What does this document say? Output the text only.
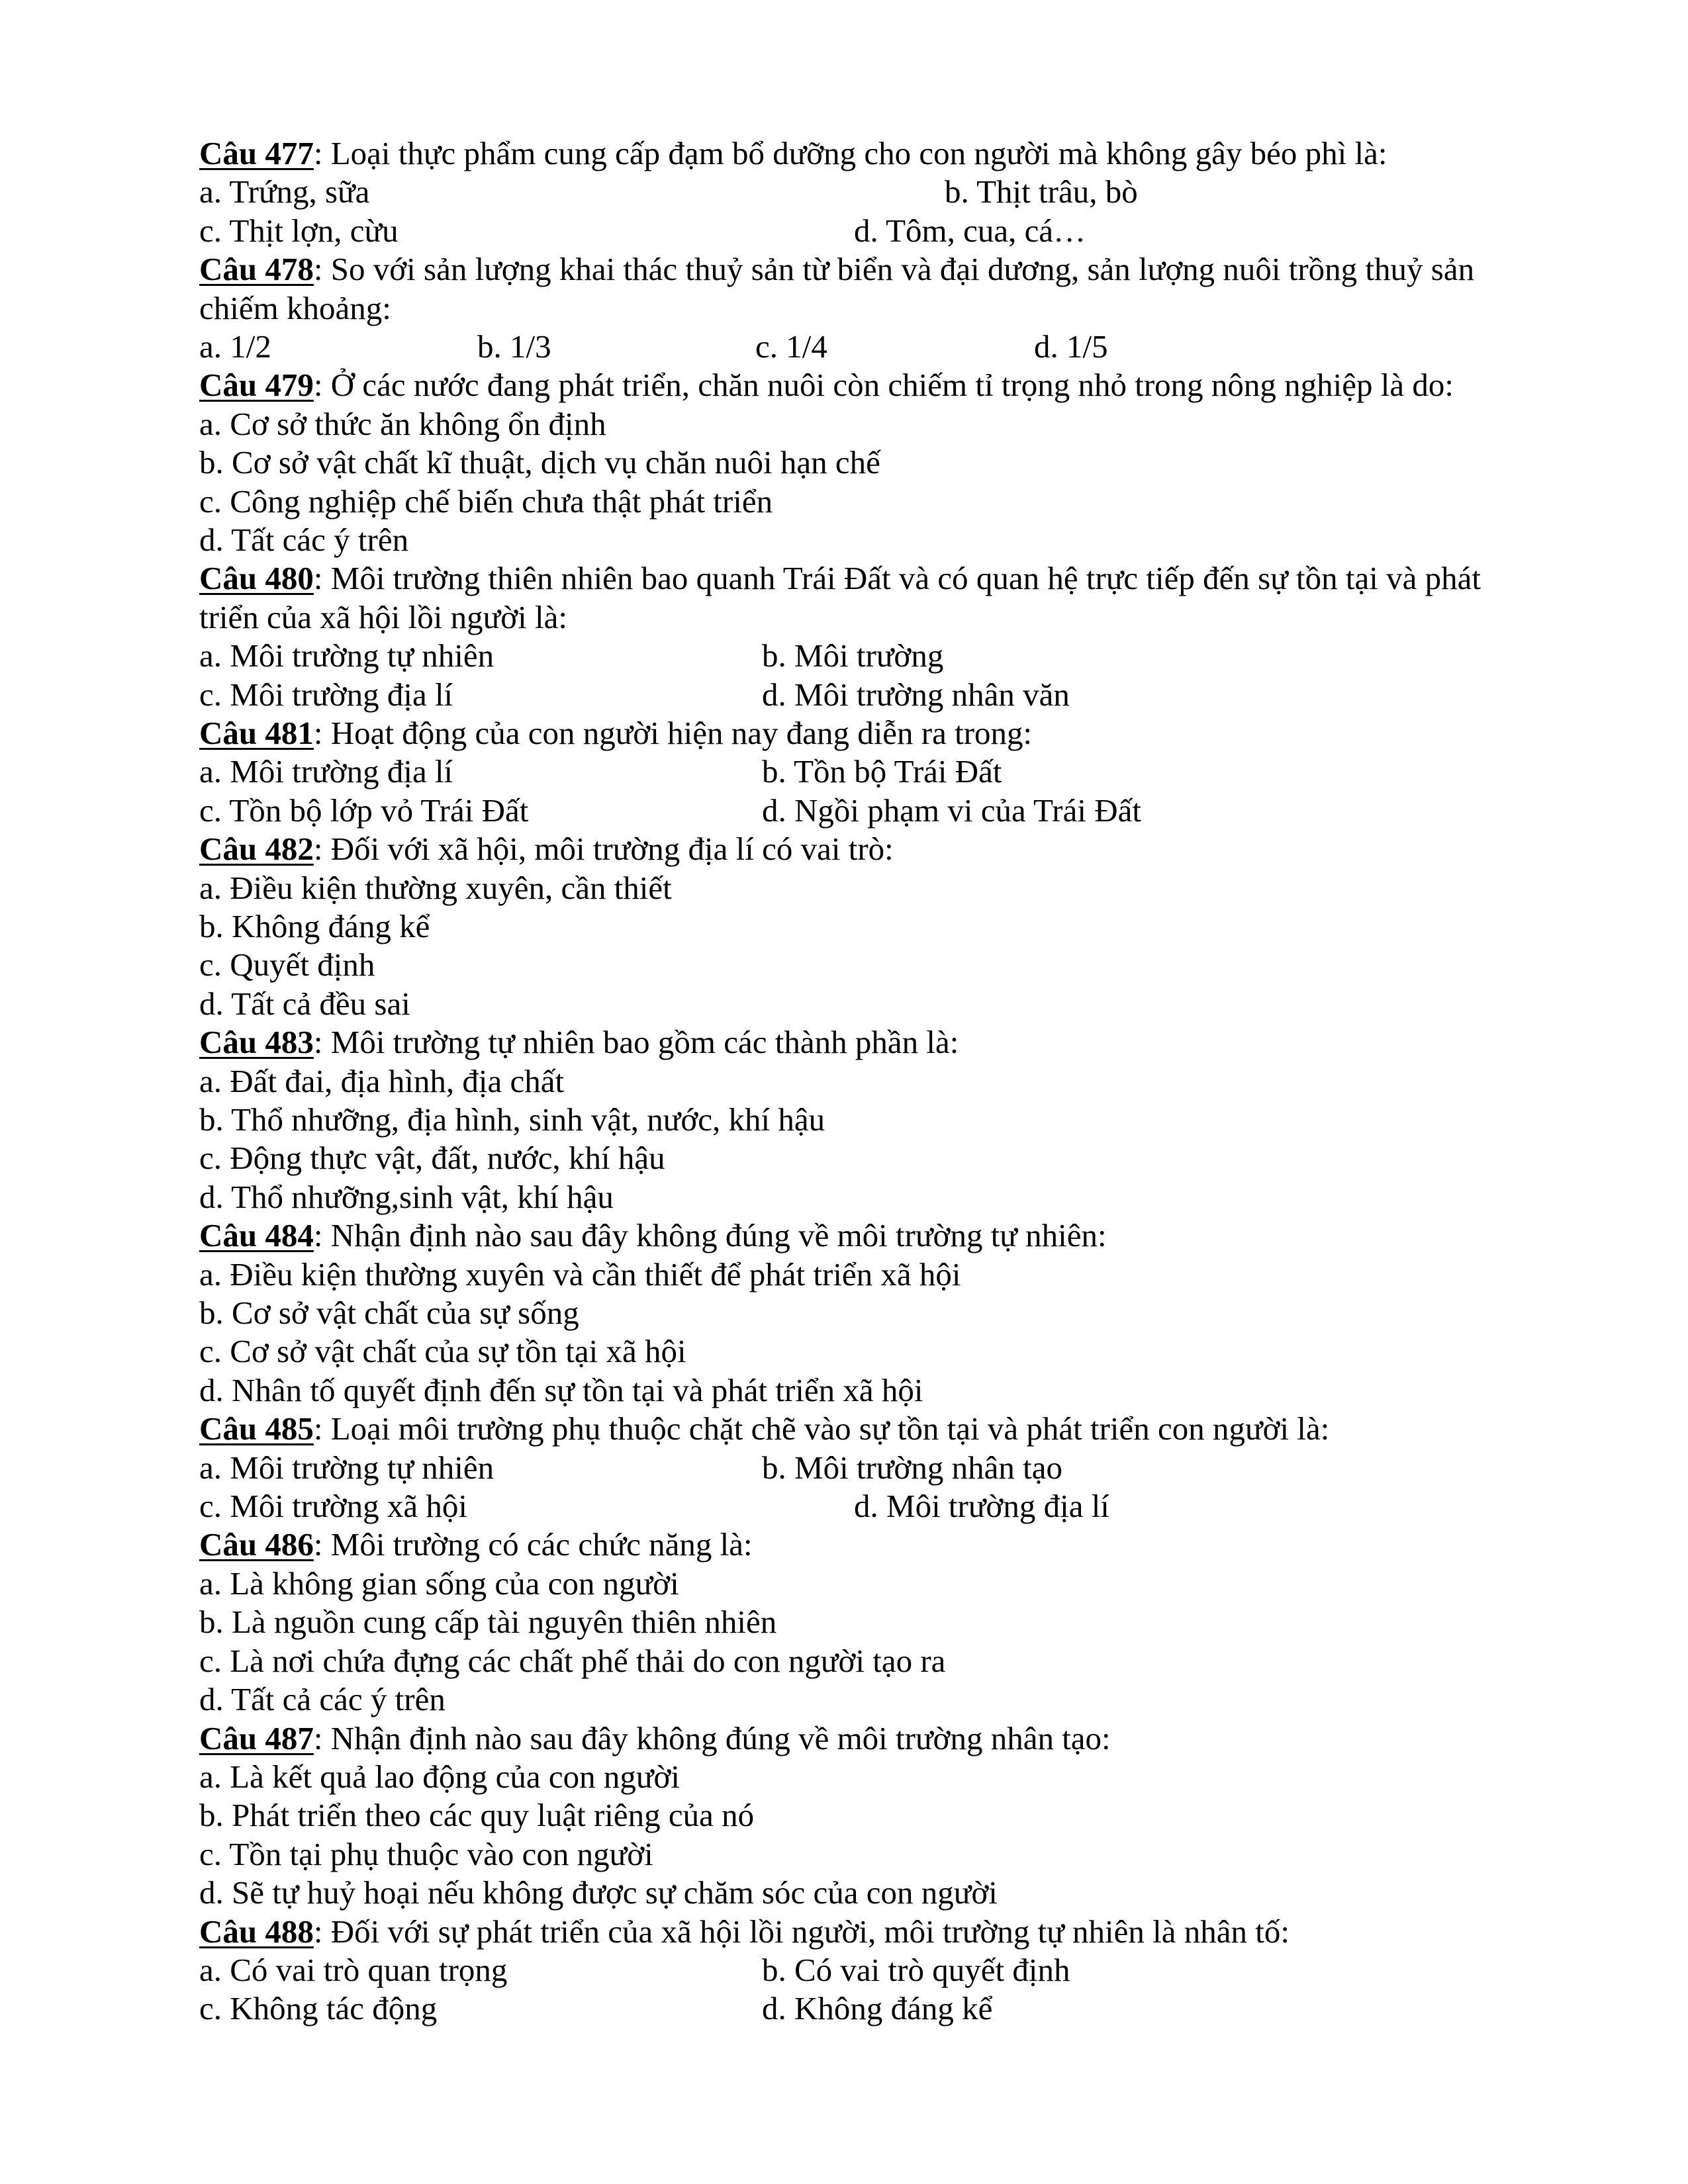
Câu 477: Loại thực phẩm cung cấp đạm bổ dưỡng cho con người mà không gây béo phì là:
a. Trứng, sữa	b. Thịt trâu, bò
c. Thịt lợn, cừu	d. Tôm, cua, cá…
Câu 478: So với sản lượng khai thác thuỷ sản từ biển và đại dương, sản lượng nuôi trồng thuỷ sản chiếm khoảng:
a. 1/2	b. 1/3	c. 1/4	d. 1/5
Câu 479: Ở các nước đang phát triển, chăn nuôi còn chiếm tỉ trọng nhỏ trong nông nghiệp là do:
a. Cơ sở thức ăn không ổn định
b. Cơ sở vật chất kĩ thuật, dịch vụ chăn nuôi hạn chế
c. Công nghiệp chế biến chưa thật phát triển
d. Tất các ý trên
Câu 480: Môi trường thiên nhiên bao quanh Trái Đất và có quan hệ trực tiếp đến sự tồn tại và phát triển của xã hội lồi người là:
a. Môi trường tự nhiên	b. Môi trường
c. Môi trường địa lí	d. Môi trường nhân văn
Câu 481: Hoạt động của con người hiện nay đang diễn ra trong:
a. Môi trường địa lí	b. Tồn bộ Trái Đất
c. Tồn bộ lớp vỏ Trái Đất	d. Ngồi phạm vi của Trái Đất
Câu 482: Đối với xã hội, môi trường địa lí có vai trò:
a. Điều kiện thường xuyên, cần thiết
b. Không đáng kể
c. Quyết định
d. Tất cả đều sai
Câu 483: Môi trường tự nhiên bao gồm các thành phần là:
a. Đất đai, địa hình, địa chất
b. Thổ nhưỡng, địa hình, sinh vật, nước, khí hậu
c. Động thực vật, đất, nước, khí hậu
d. Thổ nhưỡng,sinh vật, khí hậu
Câu 484: Nhận định nào sau đây không đúng về môi trường tự nhiên:
a. Điều kiện thường xuyên và cần thiết để phát triển xã hội
b. Cơ sở vật chất của sự sống
c. Cơ sở vật chất của sự tồn tại xã hội
d. Nhân tố quyết định đến sự tồn tại và phát triển xã hội
Câu 485: Loại môi trường phụ thuộc chặt chẽ vào sự tồn tại và phát triển con người là:
a. Môi trường tự nhiên	b. Môi trường nhân tạo
c. Môi trường xã hội	d. Môi trường địa lí
Câu 486: Môi trường có các chức năng là:
a. Là không gian sống của con người
b. Là nguồn cung cấp tài nguyên thiên nhiên
c. Là nơi chứa đựng các chất phế thải do con người tạo ra
d. Tất cả các ý trên
Câu 487: Nhận định nào sau đây không đúng về môi trường nhân tạo:
a. Là kết quả lao động của con người
b. Phát triển theo các quy luật riêng của nó
c. Tồn tại phụ thuộc vào con người
d. Sẽ tự huỷ hoại nếu không được sự chăm sóc của con người
Câu 488: Đối với sự phát triển của xã hội lồi người, môi trường tự nhiên là nhân tố:
a. Có vai trò quan trọng	b. Có vai trò quyết định
c. Không tác động	d. Không đáng kể
